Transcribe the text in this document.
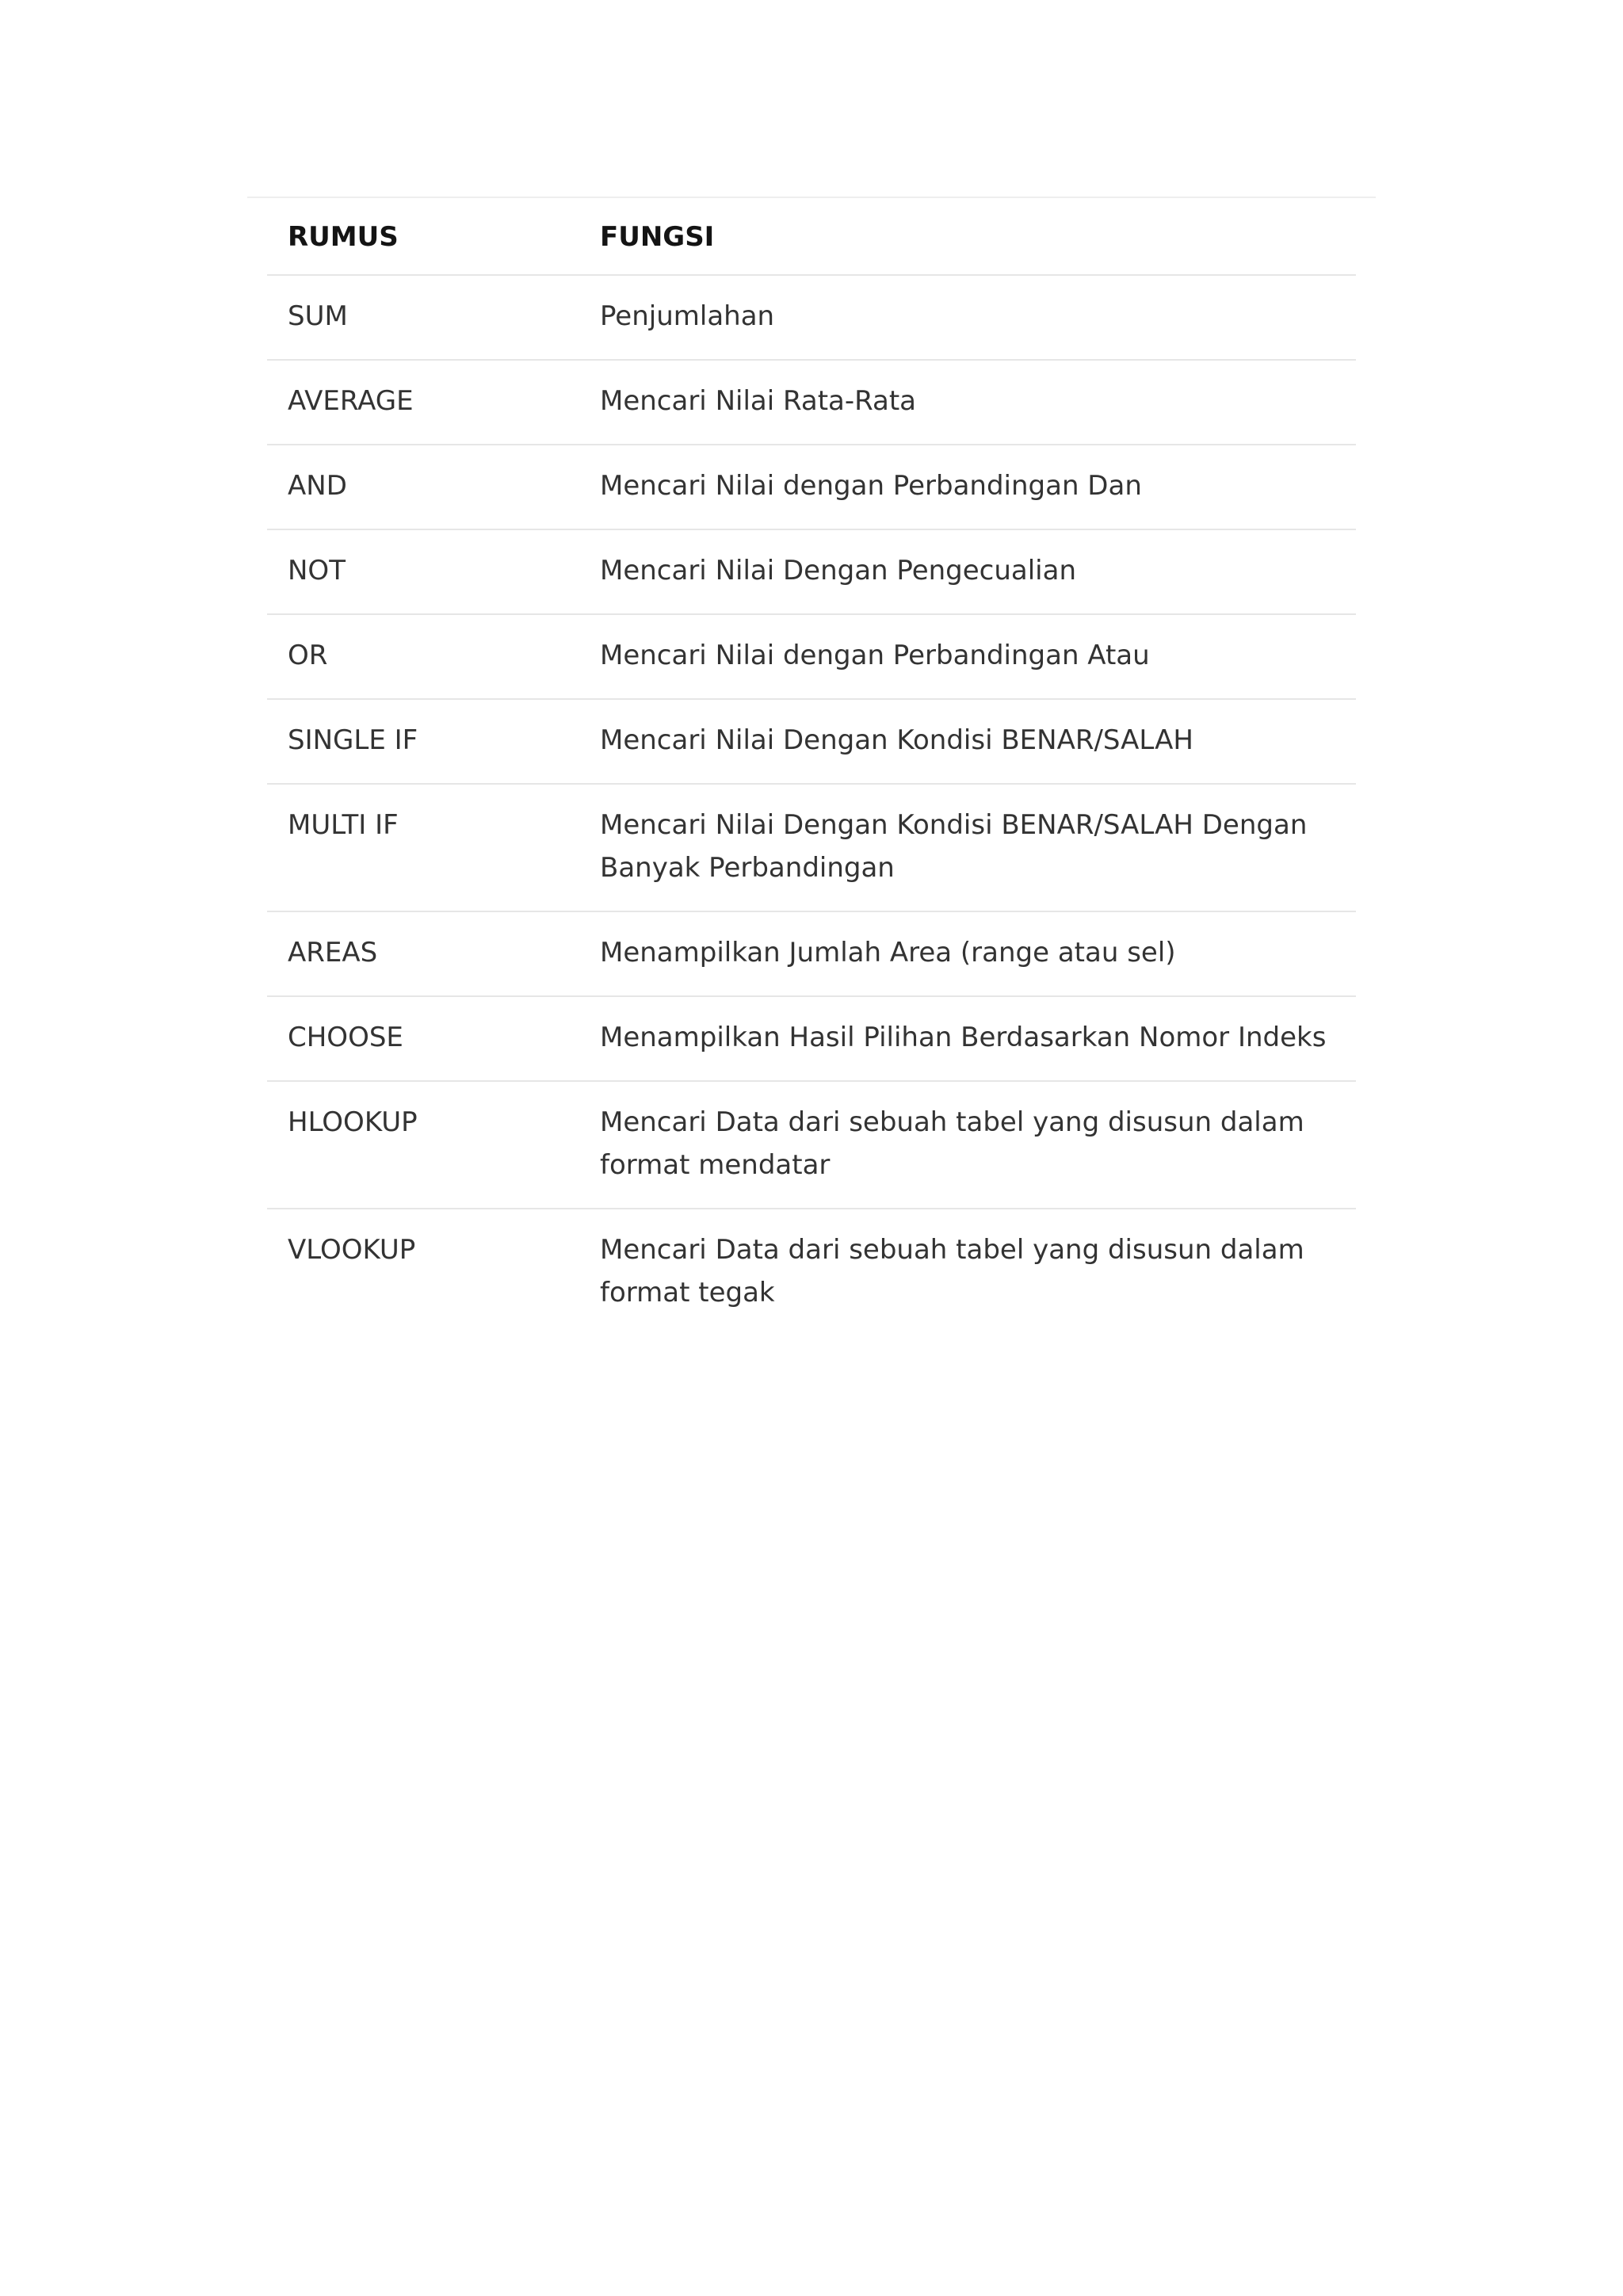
RUMUS	FUNGSI
SUM	Penjumlahan
AVERAGE	Mencari Nilai Rata-Rata
AND	Mencari Nilai dengan Perbandingan Dan
NOT	Mencari Nilai Dengan Pengecualian
OR	Mencari Nilai dengan Perbandingan Atau
SINGLE IF	Mencari Nilai Dengan Kondisi BENAR/SALAH
MULTI IF	Mencari Nilai Dengan Kondisi BENAR/SALAH Dengan Banyak Perbandingan
AREAS	Menampilkan Jumlah Area (range atau sel)
CHOOSE	Menampilkan Hasil Pilihan Berdasarkan Nomor Indeks
HLOOKUP	Mencari Data dari sebuah tabel yang disusun dalam format mendatar
VLOOKUP	Mencari Data dari sebuah tabel yang disusun dalam format tegak
